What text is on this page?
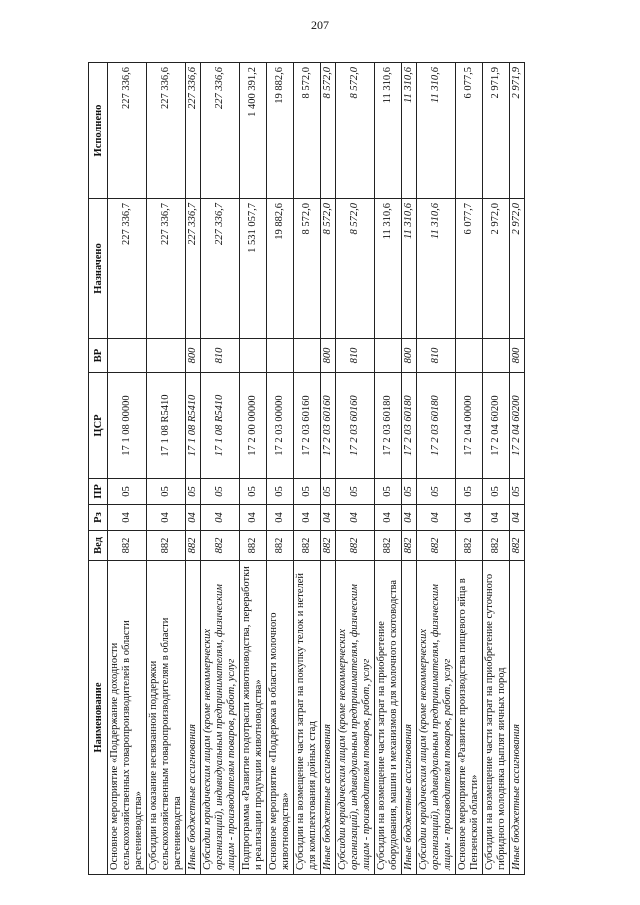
207
Наименование	Вед	Рз	ПР	ЦСР	ВР	Назначено	Исполнено
Основное мероприятие «Поддержание доходности сельскохозяйственных товаропроизводителей в области растениеводства»	882	04	05	17 1 08 00000		227 336,7	227 336,6
Субсидии на оказание несвязанной поддержки сельскохозяйственным товаропроизводителям в области растениеводства	882	04	05	17 1 08 R5410		227 336,7	227 336,6
Иные бюджетные ассигнования	882	04	05	17 1 08 R5410	800	227 336,7	227 336,6
Субсидии юридическим лицам (кроме некоммерческих организаций), индивидуальным предпринимателям, физическим лицам - производителям товаров, работ, услуг	882	04	05	17 1 08 R5410	810	227 336,7	227 336,6
Подпрограмма «Развитие подотрасли животноводства, переработки и реализации продукции животноводства»	882	04	05	17 2 00 00000		1 531 057,7	1 400 391,2
Основное мероприятие «Поддержка в области молочного животноводства»	882	04	05	17 2 03 00000		19 882,6	19 882,6
Субсидии на возмещение части затрат на покупку телок и нетелей для комплектования дойных стад	882	04	05	17 2 03 60160		8 572,0	8 572,0
Иные бюджетные ассигнования	882	04	05	17 2 03 60160	800	8 572,0	8 572,0
Субсидии юридическим лицам (кроме некоммерческих организаций), индивидуальным предпринимателям, физическим лицам - производителям товаров, работ, услуг	882	04	05	17 2 03 60160	810	8 572,0	8 572,0
Субсидии на возмещение части затрат на приобретение оборудования, машин и механизмов для молочного скотоводства	882	04	05	17 2 03 60180		11 310,6	11 310,6
Иные бюджетные ассигнования	882	04	05	17 2 03 60180	800	11 310,6	11 310,6
Субсидии юридическим лицам (кроме некоммерческих организаций), индивидуальным предпринимателям, физическим лицам - производителям товаров, работ, услуг	882	04	05	17 2 03 60180	810	11 310,6	11 310,6
Основное мероприятие «Развитие производства пищевого яйца в Пензенской области»	882	04	05	17 2 04 00000		6 077,7	6 077,5
Субсидии на возмещение части затрат на приобретение суточного гибридного молодняка цыплят яичных пород	882	04	05	17 2 04 60200		2 972,0	2 971,9
Иные бюджетные ассигнования	882	04	05	17 2 04 60200	800	2 972,0	2 971,9
